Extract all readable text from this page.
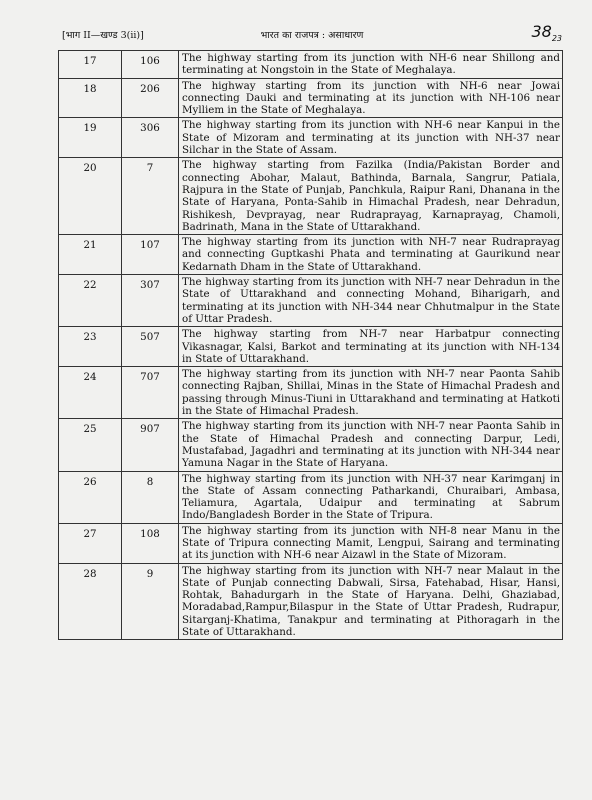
[भाग II—खण्ड 3(ii)]	भारत का राजपत्र : असाधारण	$38_{23}$
17	106	The highway starting from its junction with NH-6 near Shillong and terminating at Nongstoin in the State of Meghalaya.
18	206	The highway starting from its junction with NH-6 near Jowai connecting Dauki and terminating at its junction with NH-106 near Mylliem in the State of Meghalaya.
19	306	The highway starting from its junction with NH-6 near Kanpui in the State of Mizoram and terminating at its junction with NH-37 near Silchar in the State of Assam.
20	7	The highway starting from Fazilka (India/Pakistan Border and connecting Abohar, Malaut, Bathinda, Barnala, Sangrur, Patiala, Rajpura in the State of Punjab, Panchkula, Raipur Rani, Dhanana in the State of Haryana, Ponta-Sahib in Himachal Pradesh, near Dehradun, Rishikesh, Devprayag, near Rudraprayag, Karnaprayag, Chamoli, Badrinath, Mana in the State of Uttarakhand.
21	107	The highway starting from its junction with NH-7 near Rudraprayag and connecting Guptkashi Phata and terminating at Gaurikund near Kedarnath Dham in the State of Uttarakhand.
22	307	The highway starting from its junction with NH-7 near Dehradun in the State of Uttarakhand and connecting Mohand, Biharigarh, and terminating at its junction with NH-344 near Chhutmalpur in the State of Uttar Pradesh.
23	507	The highway starting from NH-7 near Harbatpur connecting Vikasnagar, Kalsi, Barkot and terminating at its junction with NH-134 in State of Uttarakhand.
24	707	The highway starting from its junction with NH-7 near Paonta Sahib connecting Rajban, Shillai, Minas in the State of Himachal Pradesh and passing through Minus-Tiuni in Uttarakhand and terminating at Hatkoti in the State of Himachal Pradesh.
25	907	The highway starting from its junction with NH-7 near Paonta Sahib in the State of Himachal Pradesh and connecting Darpur, Ledi, Mustafabad, Jagadhri and terminating at its junction with NH-344 near Yamuna Nagar in the State of Haryana.
26	8	The highway starting from its junction with NH-37 near Karimganj in the State of Assam connecting Patharkandi, Churaibari, Ambasa, Teliamura, Agartala, Udaipur and terminating at Sabrum Indo/Bangladesh Border in the State of Tripura.
27	108	The highway starting from its junction with NH-8 near Manu in the State of Tripura connecting Mamit, Lengpui, Sairang and terminating at its junction with NH-6 near Aizawl in the State of Mizoram.
28	9	The highway starting from its junction with NH-7 near Malaut in the State of Punjab connecting Dabwali, Sirsa, Fatehabad, Hisar, Hansi, Rohtak, Bahadurgarh in the State of Haryana. Delhi, Ghaziabad, Moradabad,Rampur,Bilaspur in the State of Uttar Pradesh, Rudrapur, Sitarganj-Khatima, Tanakpur and terminating at Pithoragarh in the State of Uttarakhand.
